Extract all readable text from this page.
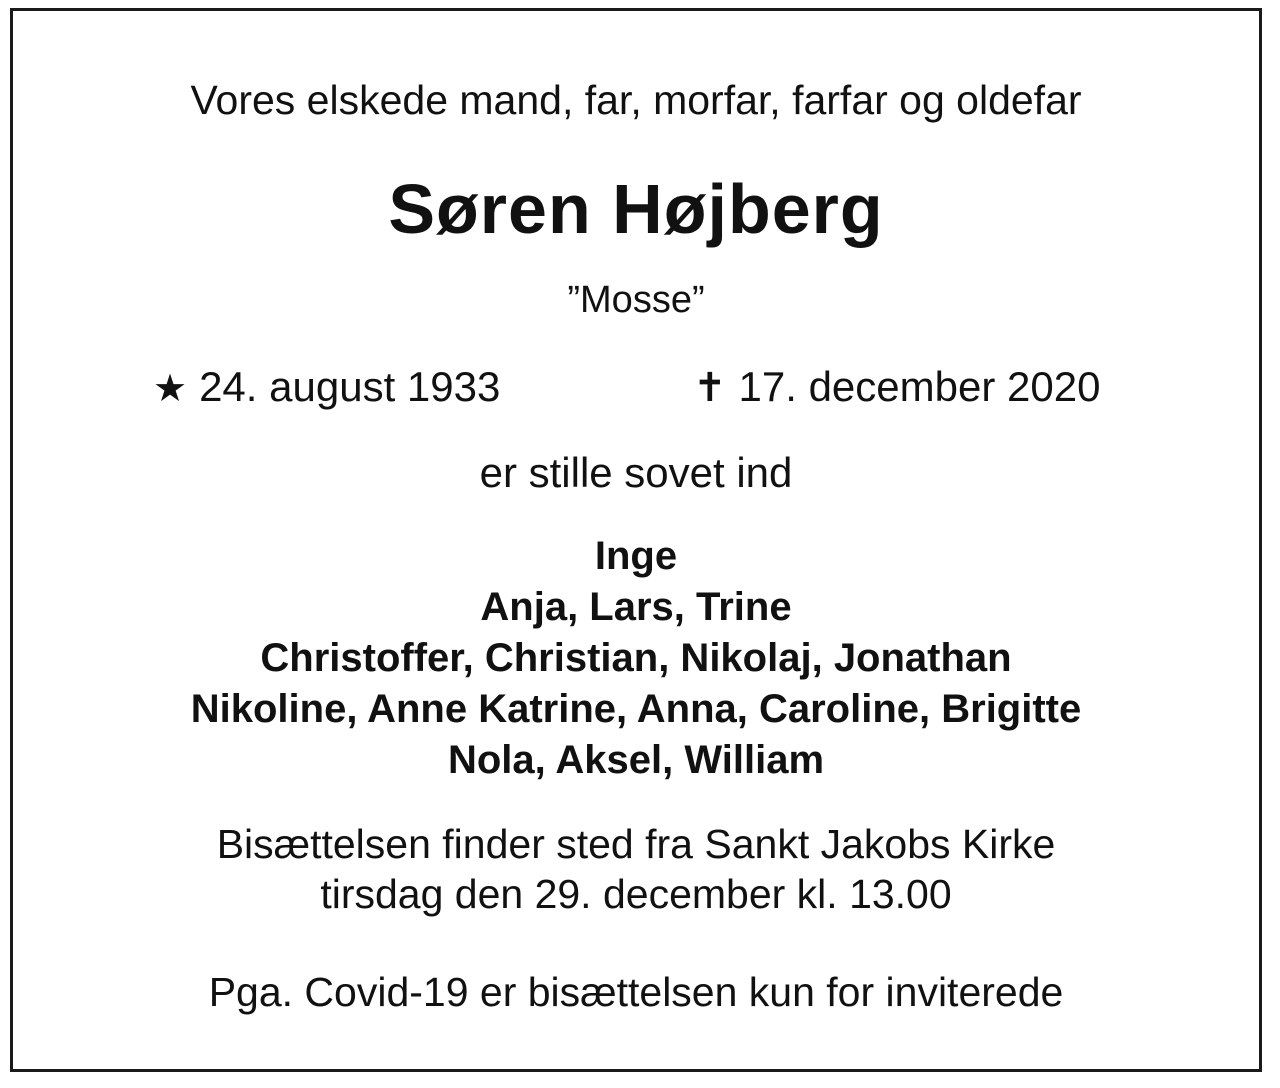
Vores elskede mand, far, morfar, farfar og oldefar
Søren Højberg
”Mosse”
★ 24. august 1933	✝ 17. december 2020
er stille sovet ind
Inge
Anja, Lars, Trine
Christoffer, Christian, Nikolaj, Jonathan
Nikoline, Anne Katrine, Anna, Caroline, Brigitte
Nola, Aksel, William
Bisættelsen finder sted fra Sankt Jakobs Kirke
tirsdag den 29. december kl. 13.00
Pga. Covid-19 er bisættelsen kun for inviterede
